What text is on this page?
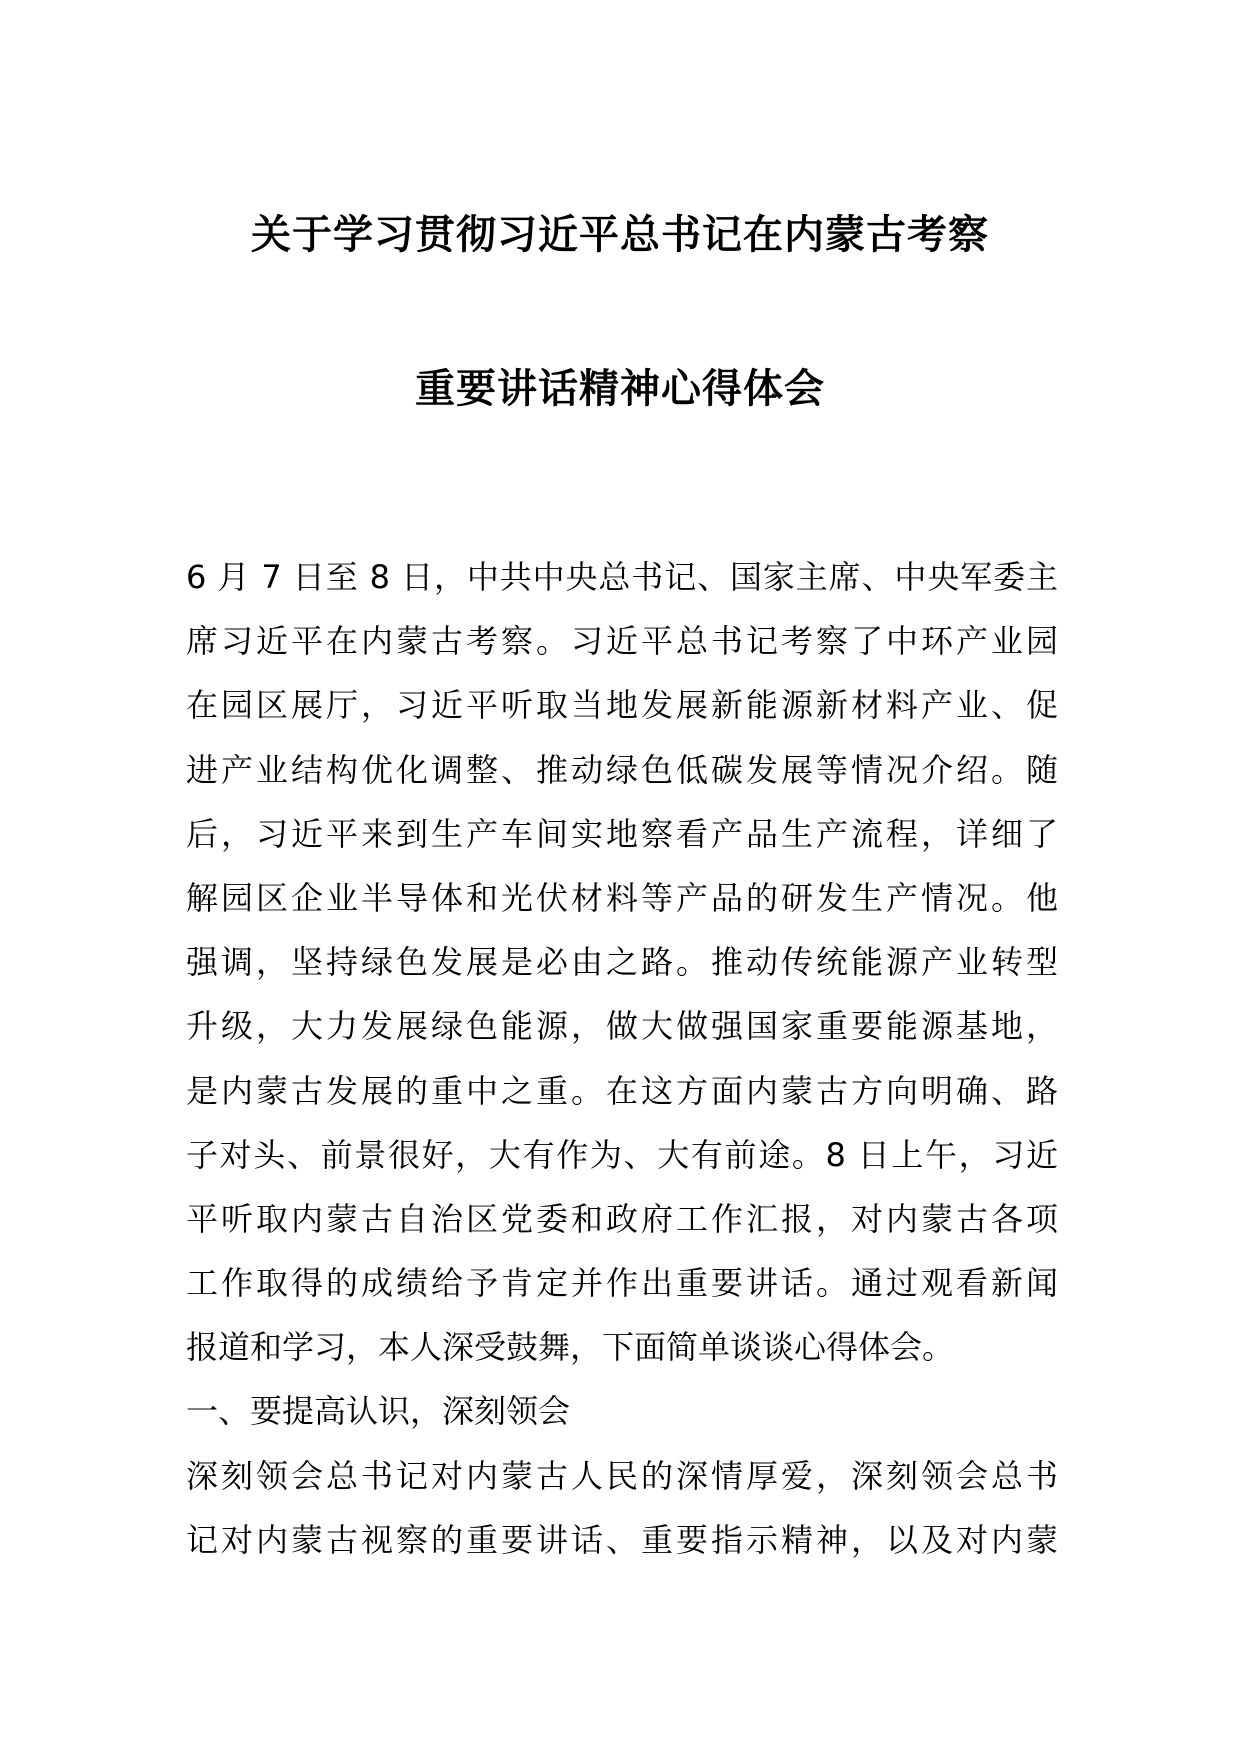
关于学习贯彻习近平总书记在内蒙古考察
重要讲话精神心得体会
6 月 7 日至 8 日，中共中央总书记、国家主席、中央军委主
席习近平在内蒙古考察。习近平总书记考察了中环产业园
在园区展厅，习近平听取当地发展新能源新材料产业、促
进产业结构优化调整、推动绿色低碳发展等情况介绍。随
后，习近平来到生产车间实地察看产品生产流程，详细了
解园区企业半导体和光伏材料等产品的研发生产情况。他
强调，坚持绿色发展是必由之路。推动传统能源产业转型
升级，大力发展绿色能源，做大做强国家重要能源基地，
是内蒙古发展的重中之重。在这方面内蒙古方向明确、路
子对头、前景很好，大有作为、大有前途。8 日上午，习近
平听取内蒙古自治区党委和政府工作汇报，对内蒙古各项
工作取得的成绩给予肯定并作出重要讲话。通过观看新闻
报道和学习，本人深受鼓舞，下面简单谈谈心得体会。
一、要提高认识，深刻领会
深刻领会总书记对内蒙古人民的深情厚爱，深刻领会总书
记对内蒙古视察的重要讲话、重要指示精神，以及对内蒙
